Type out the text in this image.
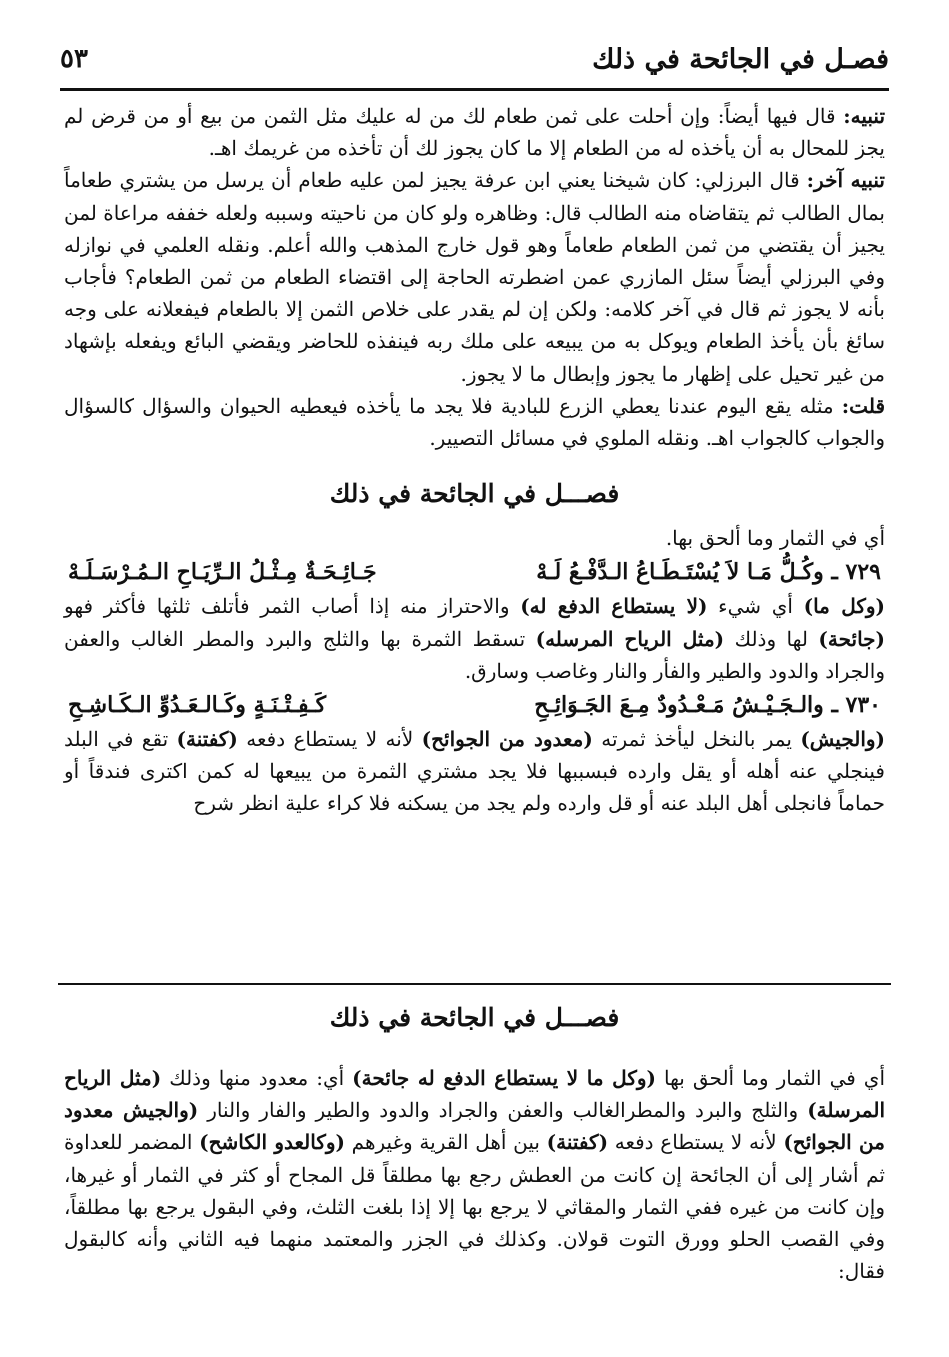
فصـل في الجائحة في ذلك
٥٣

تنبيه: قال فيها أيضاً: وإن أحلت على ثمن طعام لك من له عليك مثل الثمن من بيع أو من قرض لم يجز للمحال به أن يأخذه له من الطعام إلا ما كان يجوز لك أن تأخذه من غريمك اهـ.

تنبيه آخر: قال البرزلي: كان شيخنا يعني ابن عرفة يجيز لمن عليه طعام أن يرسل من يشتري طعاماً بمال الطالب ثم يتقاضاه منه الطالب قال: وظاهره ولو كان من ناحيته وسببه ولعله خففه مراعاة لمن يجيز أن يقتضي من ثمن الطعام طعاماً وهو قول خارج المذهب والله أعلم. ونقله العلمي في نوازله وفي البرزلي أيضاً سئل المازري عمن اضطرته الحاجة إلى اقتضاء الطعام من ثمن الطعام؟ فأجاب بأنه لا يجوز ثم قال في آخر كلامه: ولكن إن لم يقدر على خلاص الثمن إلا بالطعام فيفعلانه على وجه سائغ بأن يأخذ الطعام ويوكل به من يبيعه على ملك ربه فينفذه للحاضر ويقضي البائع ويفعله بإشهاد من غير تحيل على إظهار ما يجوز وإبطال ما لا يجوز.

قلت: مثله يقع اليوم عندنا يعطي الزرع للبادية فلا يجد ما يأخذه فيعطيه الحيوان والسؤال كالسؤال والجواب كالجواب اهـ. ونقله الملوي في مسائل التصيير.

فصـــل في الجائحة في ذلك

أي في الثمار وما ألحق بها.

٧٢٩ ـ وكُـلُّ مَـا لاَ يُسْتَـطَـاعُ الـدَّفْـعُ لَـهْ
جَـائِـحَـةٌ مِـثْـلُ الـرِّيَـاحِ الـمُـرْسَـلَـهْ

(وكل ما) أي شيء (لا يستطاع الدفع له) والاحتراز منه إذا أصاب الثمر فأتلف ثلثها فأكثر فهو (جائحة) لها وذلك (مثل الرياح المرسله) تسقط الثمرة بها والثلج والبرد والمطر الغالب والعفن والجراد والدود والطير والفأر والنار وغاصب وسارق.

٧٣٠ ـ والـجَـيْـشُ مَـعْـدُودٌ مِـعَ الجَـوَائِـحِ
كَـفِـتْـنَـةٍ وكَـالـعَـدُوِّ الـكَـاشِـحِ

(والجيش) يمر بالنخل ليأخذ ثمرته (معدود من الجوائح) لأنه لا يستطاع دفعه (كفتنة) تقع في البلد فينجلي عنه أهله أو يقل وارده فبسببها فلا يجد مشتري الثمرة من يبيعها له كمن اكترى فندقاً أو حماماً فانجلى أهل البلد عنه أو قل وارده ولم يجد من يسكنه فلا كراء علية انظر شرح

فصـــل في الجائحة في ذلك

أي في الثمار وما ألحق بها (وكل ما لا يستطاع الدفع له جائحة) أي: معدود منها وذلك (مثل الرياح المرسلة) والثلج والبرد والمطرالغالب والعفن والجراد والدود والطير والفار والنار (والجيش معدود من الجوائح) لأنه لا يستطاع دفعه (كفتنة) بين أهل القرية وغيرهم (وكالعدو الكاشح) المضمر للعداوة ثم أشار إلى أن الجائحة إن كانت من العطش رجع بها مطلقاً قل المجاح أو كثر في الثمار أو غيرها، وإن كانت من غيره ففي الثمار والمقاثي لا يرجع بها إلا إذا بلغت الثلث، وفي البقول يرجع بها مطلقاً، وفي القصب الحلو وورق التوت قولان. وكذلك في الجزر والمعتمد منهما فيه الثاني وأنه كالبقول فقال:
